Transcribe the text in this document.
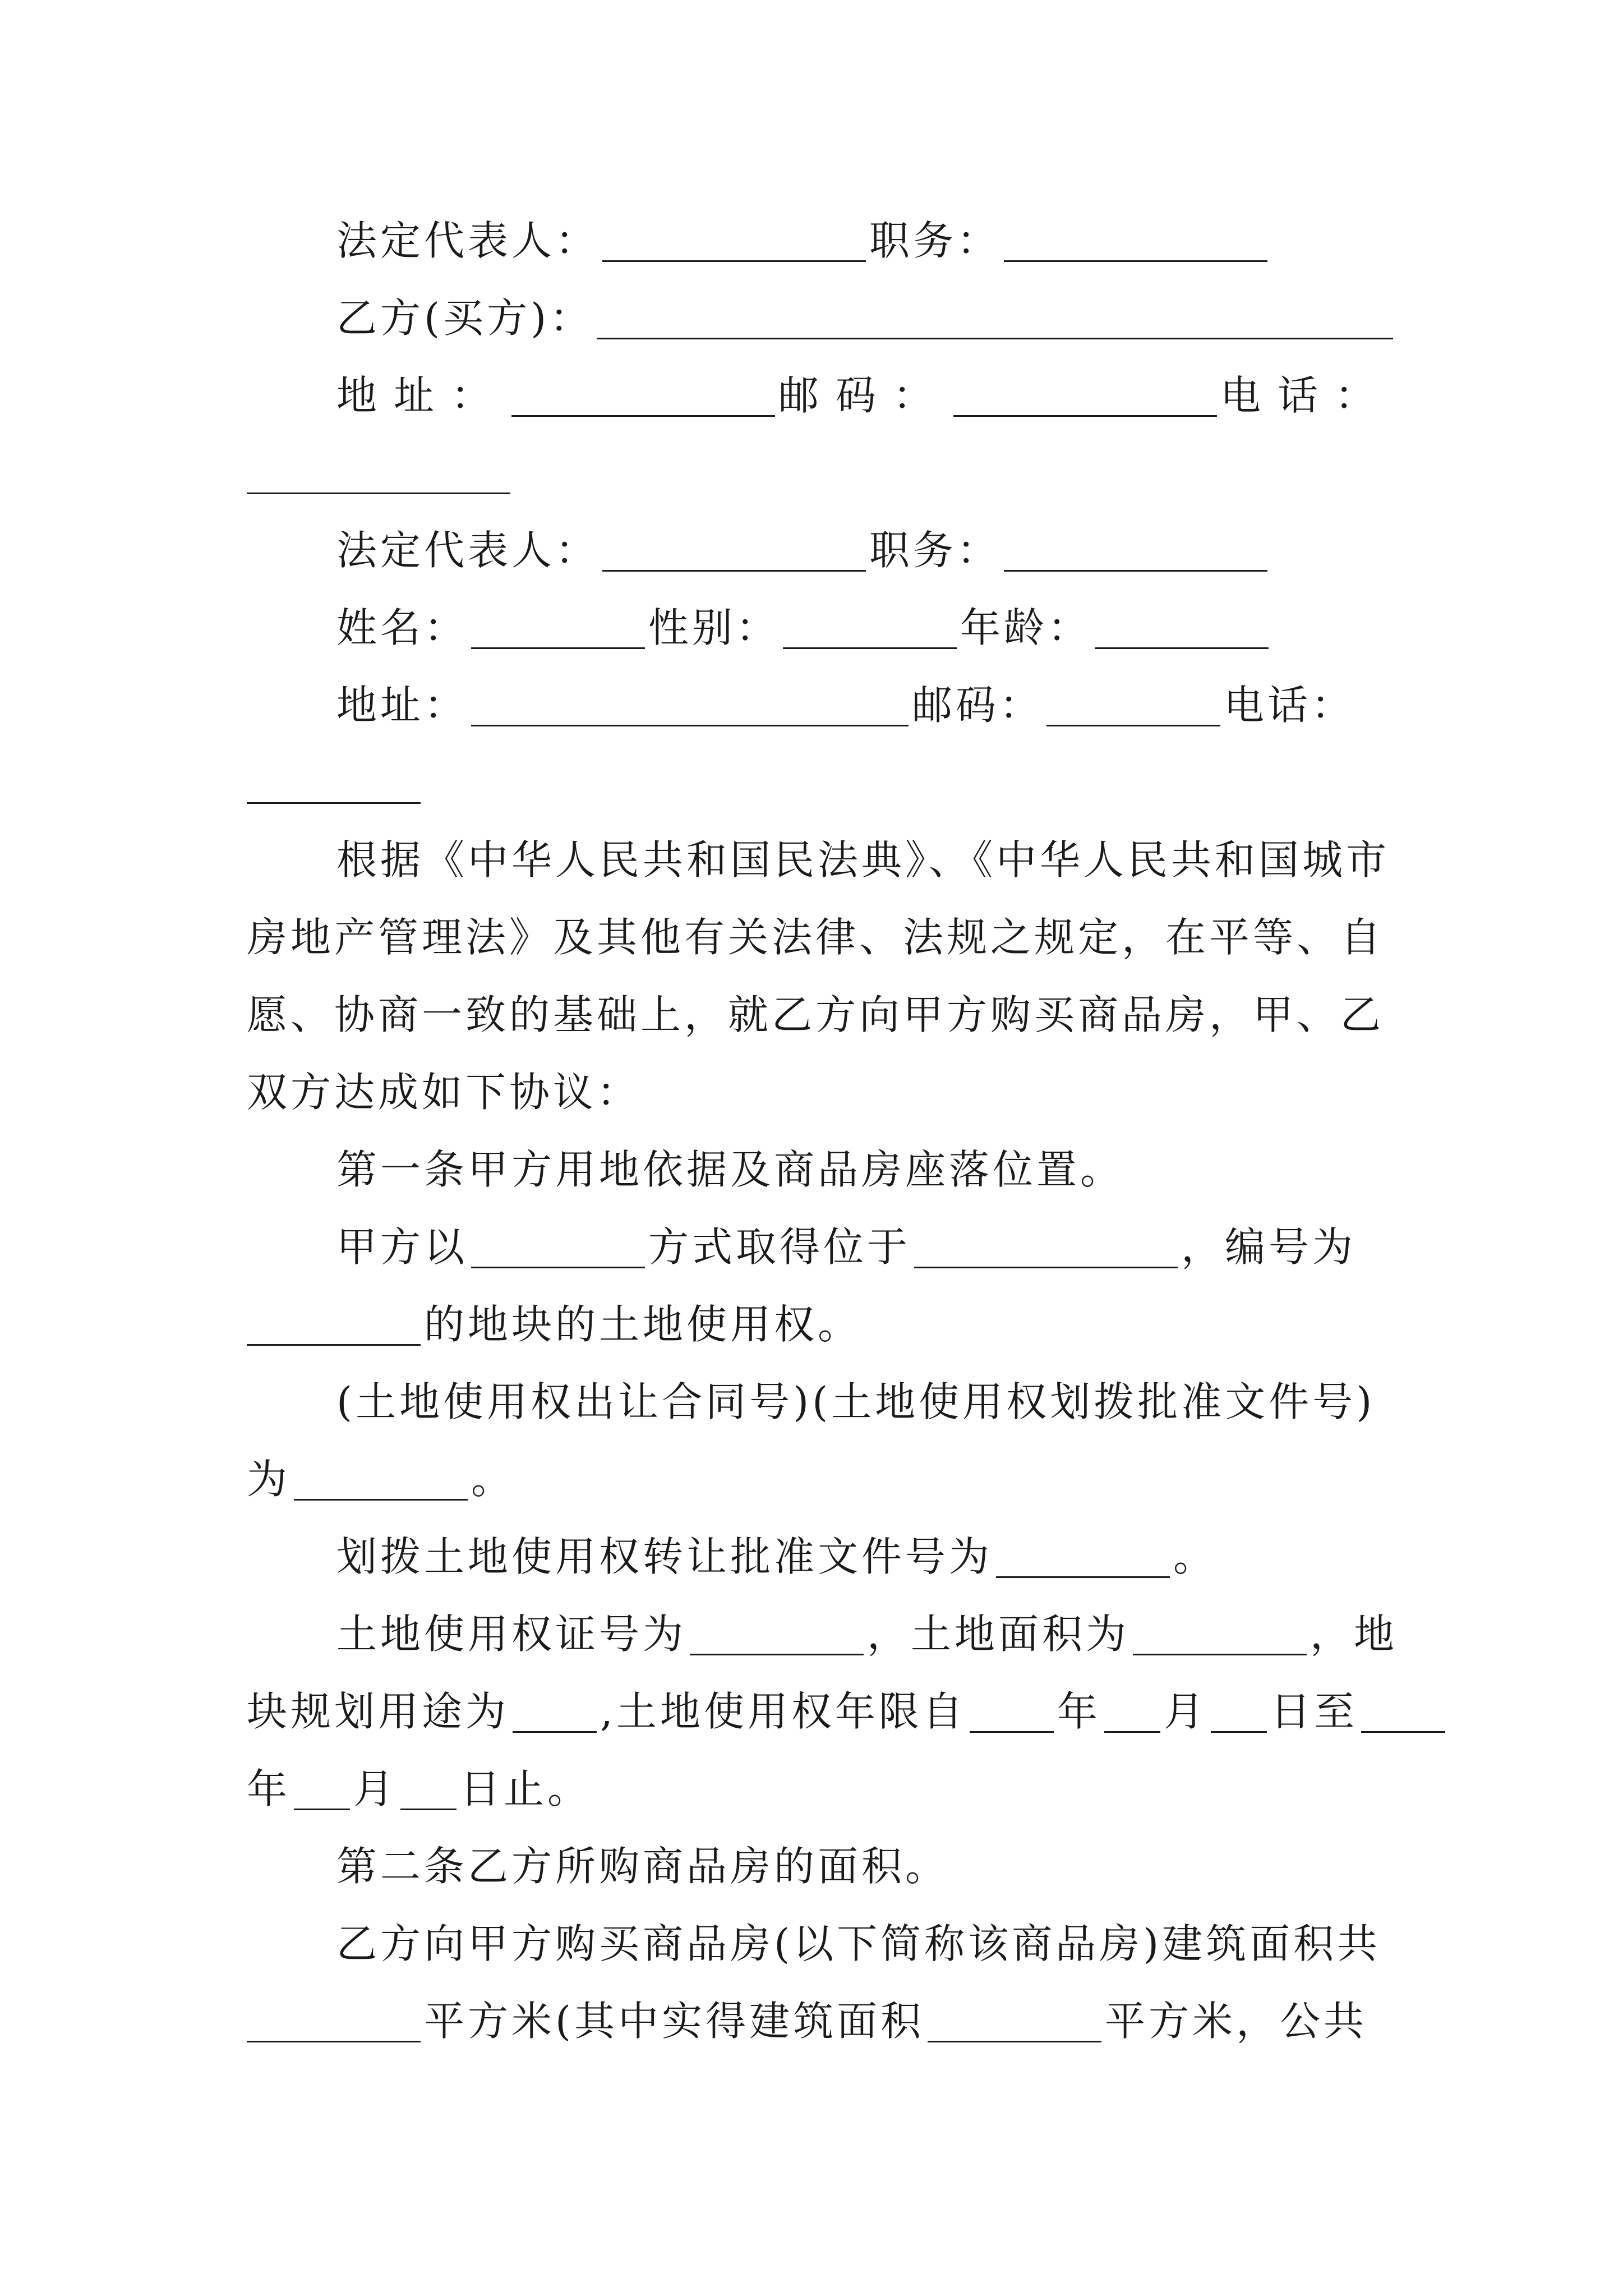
法定代表人：	职务：
乙方(买方)：
地址：	邮码：	电话：
法定代表人：	职务：
姓名：	性别：	年龄：
地址：	邮码：	电话：
根据《中华人民共和国民法典》、《中华人民共和国城市
房地产管理法》及其他有关法律、法规之规定，在平等、自
愿、协商一致的基础上，就乙方向甲方购买商品房，甲、乙
双方达成如下协议：
第一条甲方用地依据及商品房座落位置。
甲方以	方式取得位于	，编号为
的地块的土地使用权。
(土地使用权出让合同号)(土地使用权划拨批准文件号)
为	。
划拨土地使用权转让批准文件号为	。
土地使用权证号为	，土地面积为	，地
块规划用途为 ,土地使用权年限自 年 月 日至
年 月 日止。
第二条乙方所购商品房的面积。
乙方向甲方购买商品房(以下简称该商品房)建筑面积共
平方米(其中实得建筑面积	平方米，公共
